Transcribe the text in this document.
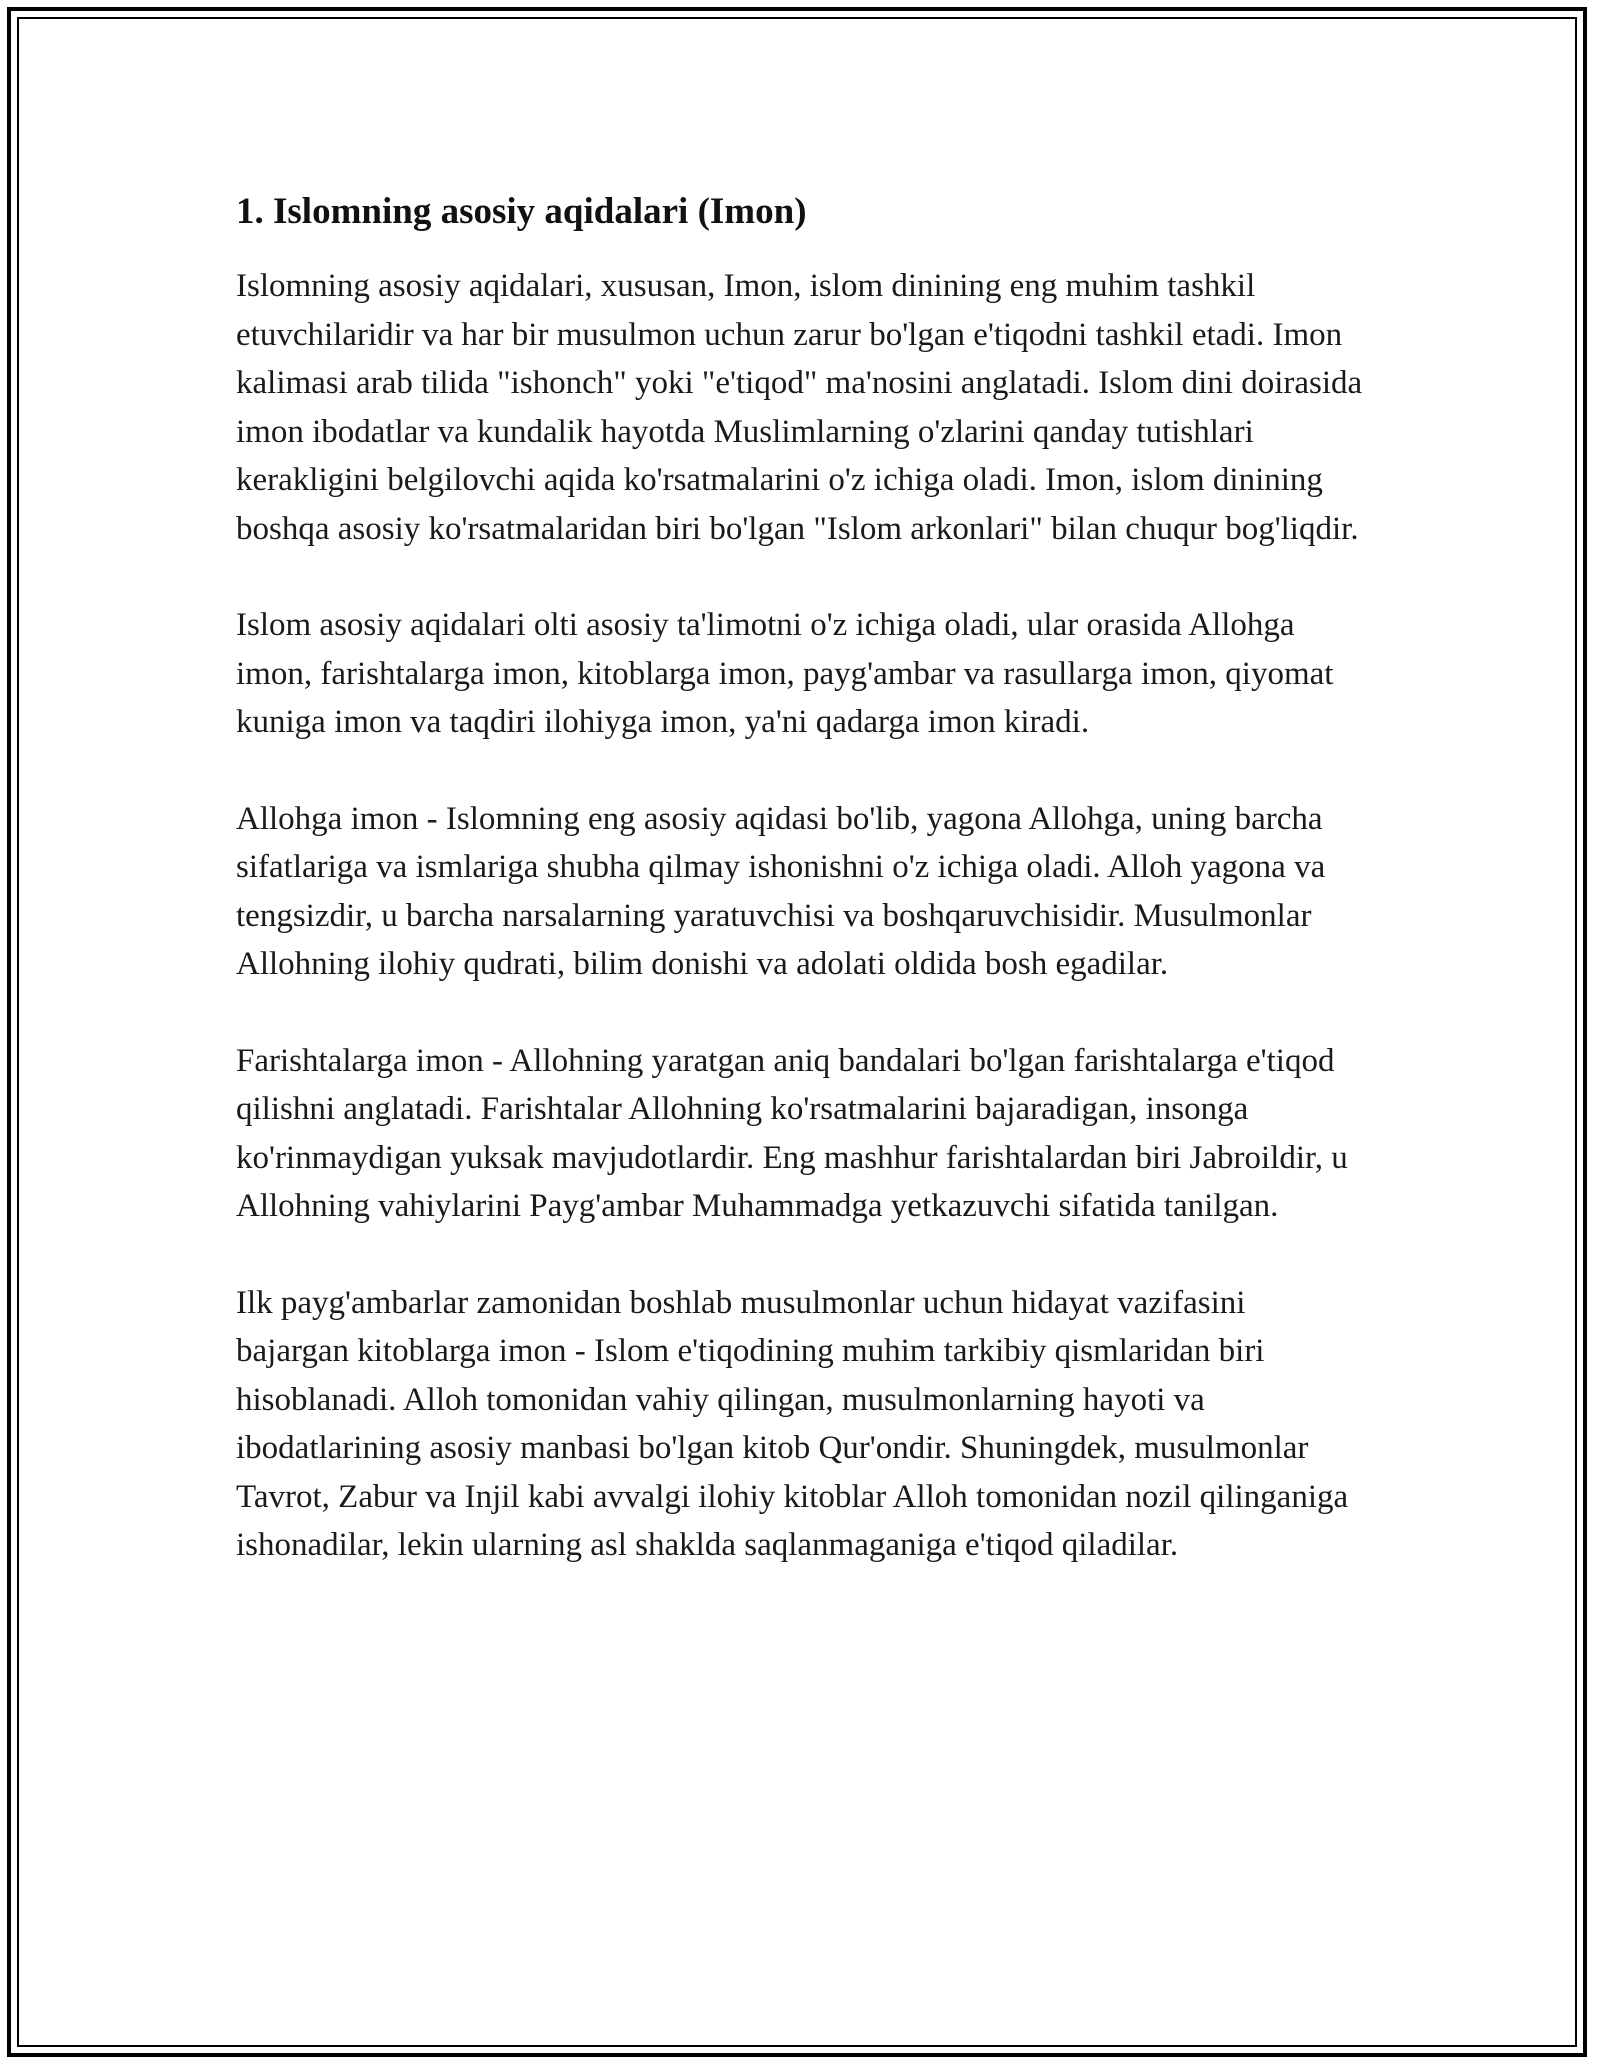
1. Islomning asosiy aqidalari (Imon)

Islomning asosiy aqidalari, xususan, Imon, islom dinining eng muhim tashkil etuvchilaridir va har bir musulmon uchun zarur bo'lgan e'tiqodni tashkil etadi. Imon kalimasi arab tilida "ishonch" yoki "e'tiqod" ma'nosini anglatadi. Islom dini doirasida imon ibodatlar va kundalik hayotda Muslimlarning o'zlarini qanday tutishlari kerakligini belgilovchi aqida ko'rsatmalarini o'z ichiga oladi. Imon, islom dinining boshqa asosiy ko'rsatmalaridan biri bo'lgan "Islom arkonlari" bilan chuqur bog'liqdir.

Islom asosiy aqidalari olti asosiy ta'limotni o'z ichiga oladi, ular orasida Allohga imon, farishtalarga imon, kitoblarga imon, payg'ambar va rasullarga imon, qiyomat kuniga imon va taqdiri ilohiyga imon, ya'ni qadarga imon kiradi.

Allohga imon - Islomning eng asosiy aqidasi bo'lib, yagona Allohga, uning barcha sifatlariga va ismlariga shubha qilmay ishonishni o'z ichiga oladi. Alloh yagona va tengsizdir, u barcha narsalarning yaratuvchisi va boshqaruvchisidir. Musulmonlar Allohning ilohiy qudrati, bilim donishi va adolati oldida bosh egadilar.

Farishtalarga imon - Allohning yaratgan aniq bandalari bo'lgan farishtalarga e'tiqod qilishni anglatadi. Farishtalar Allohning ko'rsatmalarini bajaradigan, insonga ko'rinmaydigan yuksak mavjudotlardir. Eng mashhur farishtalardan biri Jabroildir, u Allohning vahiylarini Payg'ambar Muhammadga yetkazuvchi sifatida tanilgan.

Ilk payg'ambarlar zamonidan boshlab musulmonlar uchun hidayat vazifasini bajargan kitoblarga imon - Islom e'tiqodining muhim tarkibiy qismlaridan biri hisoblanadi. Alloh tomonidan vahiy qilingan, musulmonlarning hayoti va ibodatlarining asosiy manbasi bo'lgan kitob Qur'ondir. Shuningdek, musulmonlar Tavrot, Zabur va Injil kabi avvalgi ilohiy kitoblar Alloh tomonidan nozil qilinganiga ishonadilar, lekin ularning asl shaklda saqlanmaganiga e'tiqod qiladilar.
